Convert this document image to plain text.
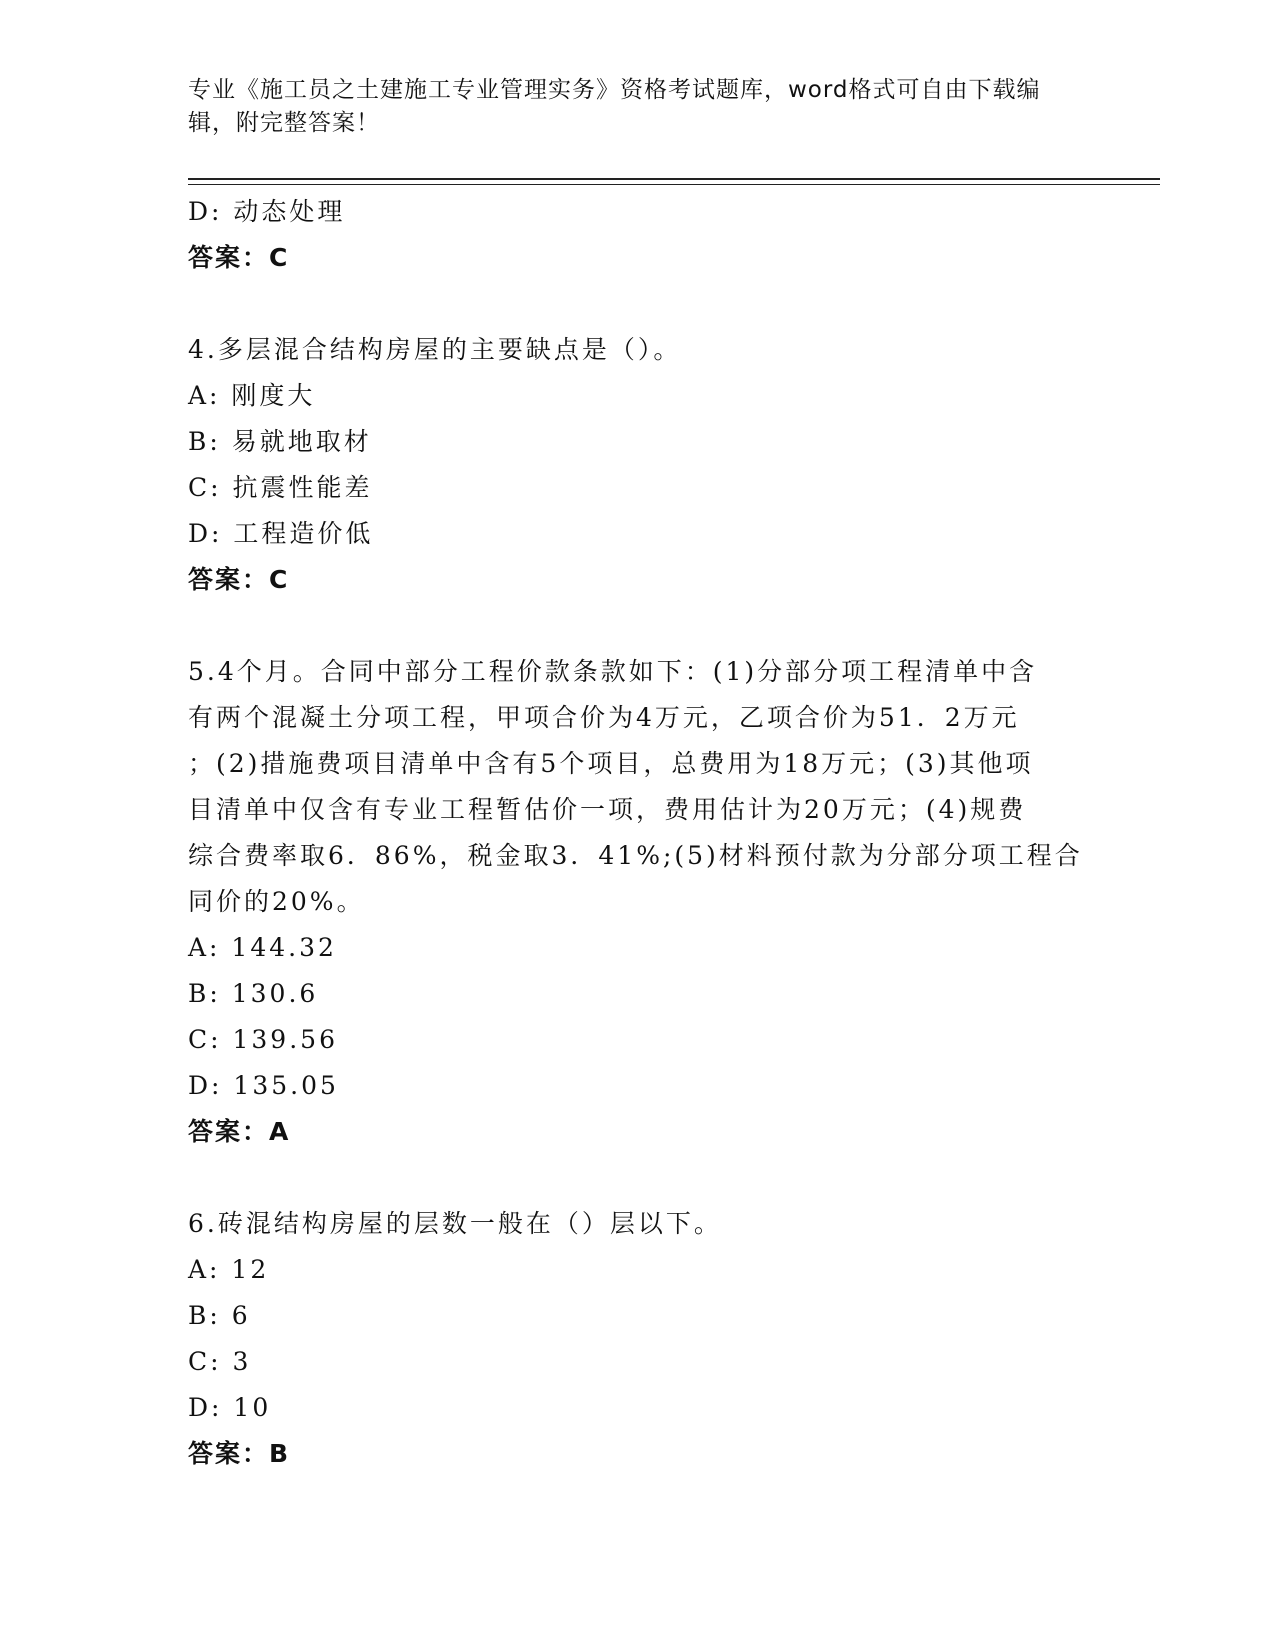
专业《施工员之土建施工专业管理实务》资格考试题库，word格式可自由下载编
辑，附完整答案！
D: 动态处理
答案：C
4.多层混合结构房屋的主要缺点是（）。
A: 刚度大
B: 易就地取材
C: 抗震性能差
D: 工程造价低
答案：C
5.4个月。合同中部分工程价款条款如下：(1)分部分项工程清单中含
有两个混凝土分项工程，甲项合价为4万元，乙项合价为51．2万元
；(2)措施费项目清单中含有5个项目，总费用为18万元；(3)其他项
目清单中仅含有专业工程暂估价一项，费用估计为20万元；(4)规费
综合费率取6．86%，税金取3．41%;(5)材料预付款为分部分项工程合
同价的20%。
A: 144.32
B: 130.6
C: 139.56
D: 135.05
答案：A
6.砖混结构房屋的层数一般在（）层以下。
A: 12
B: 6
C: 3
D: 10
答案：B
